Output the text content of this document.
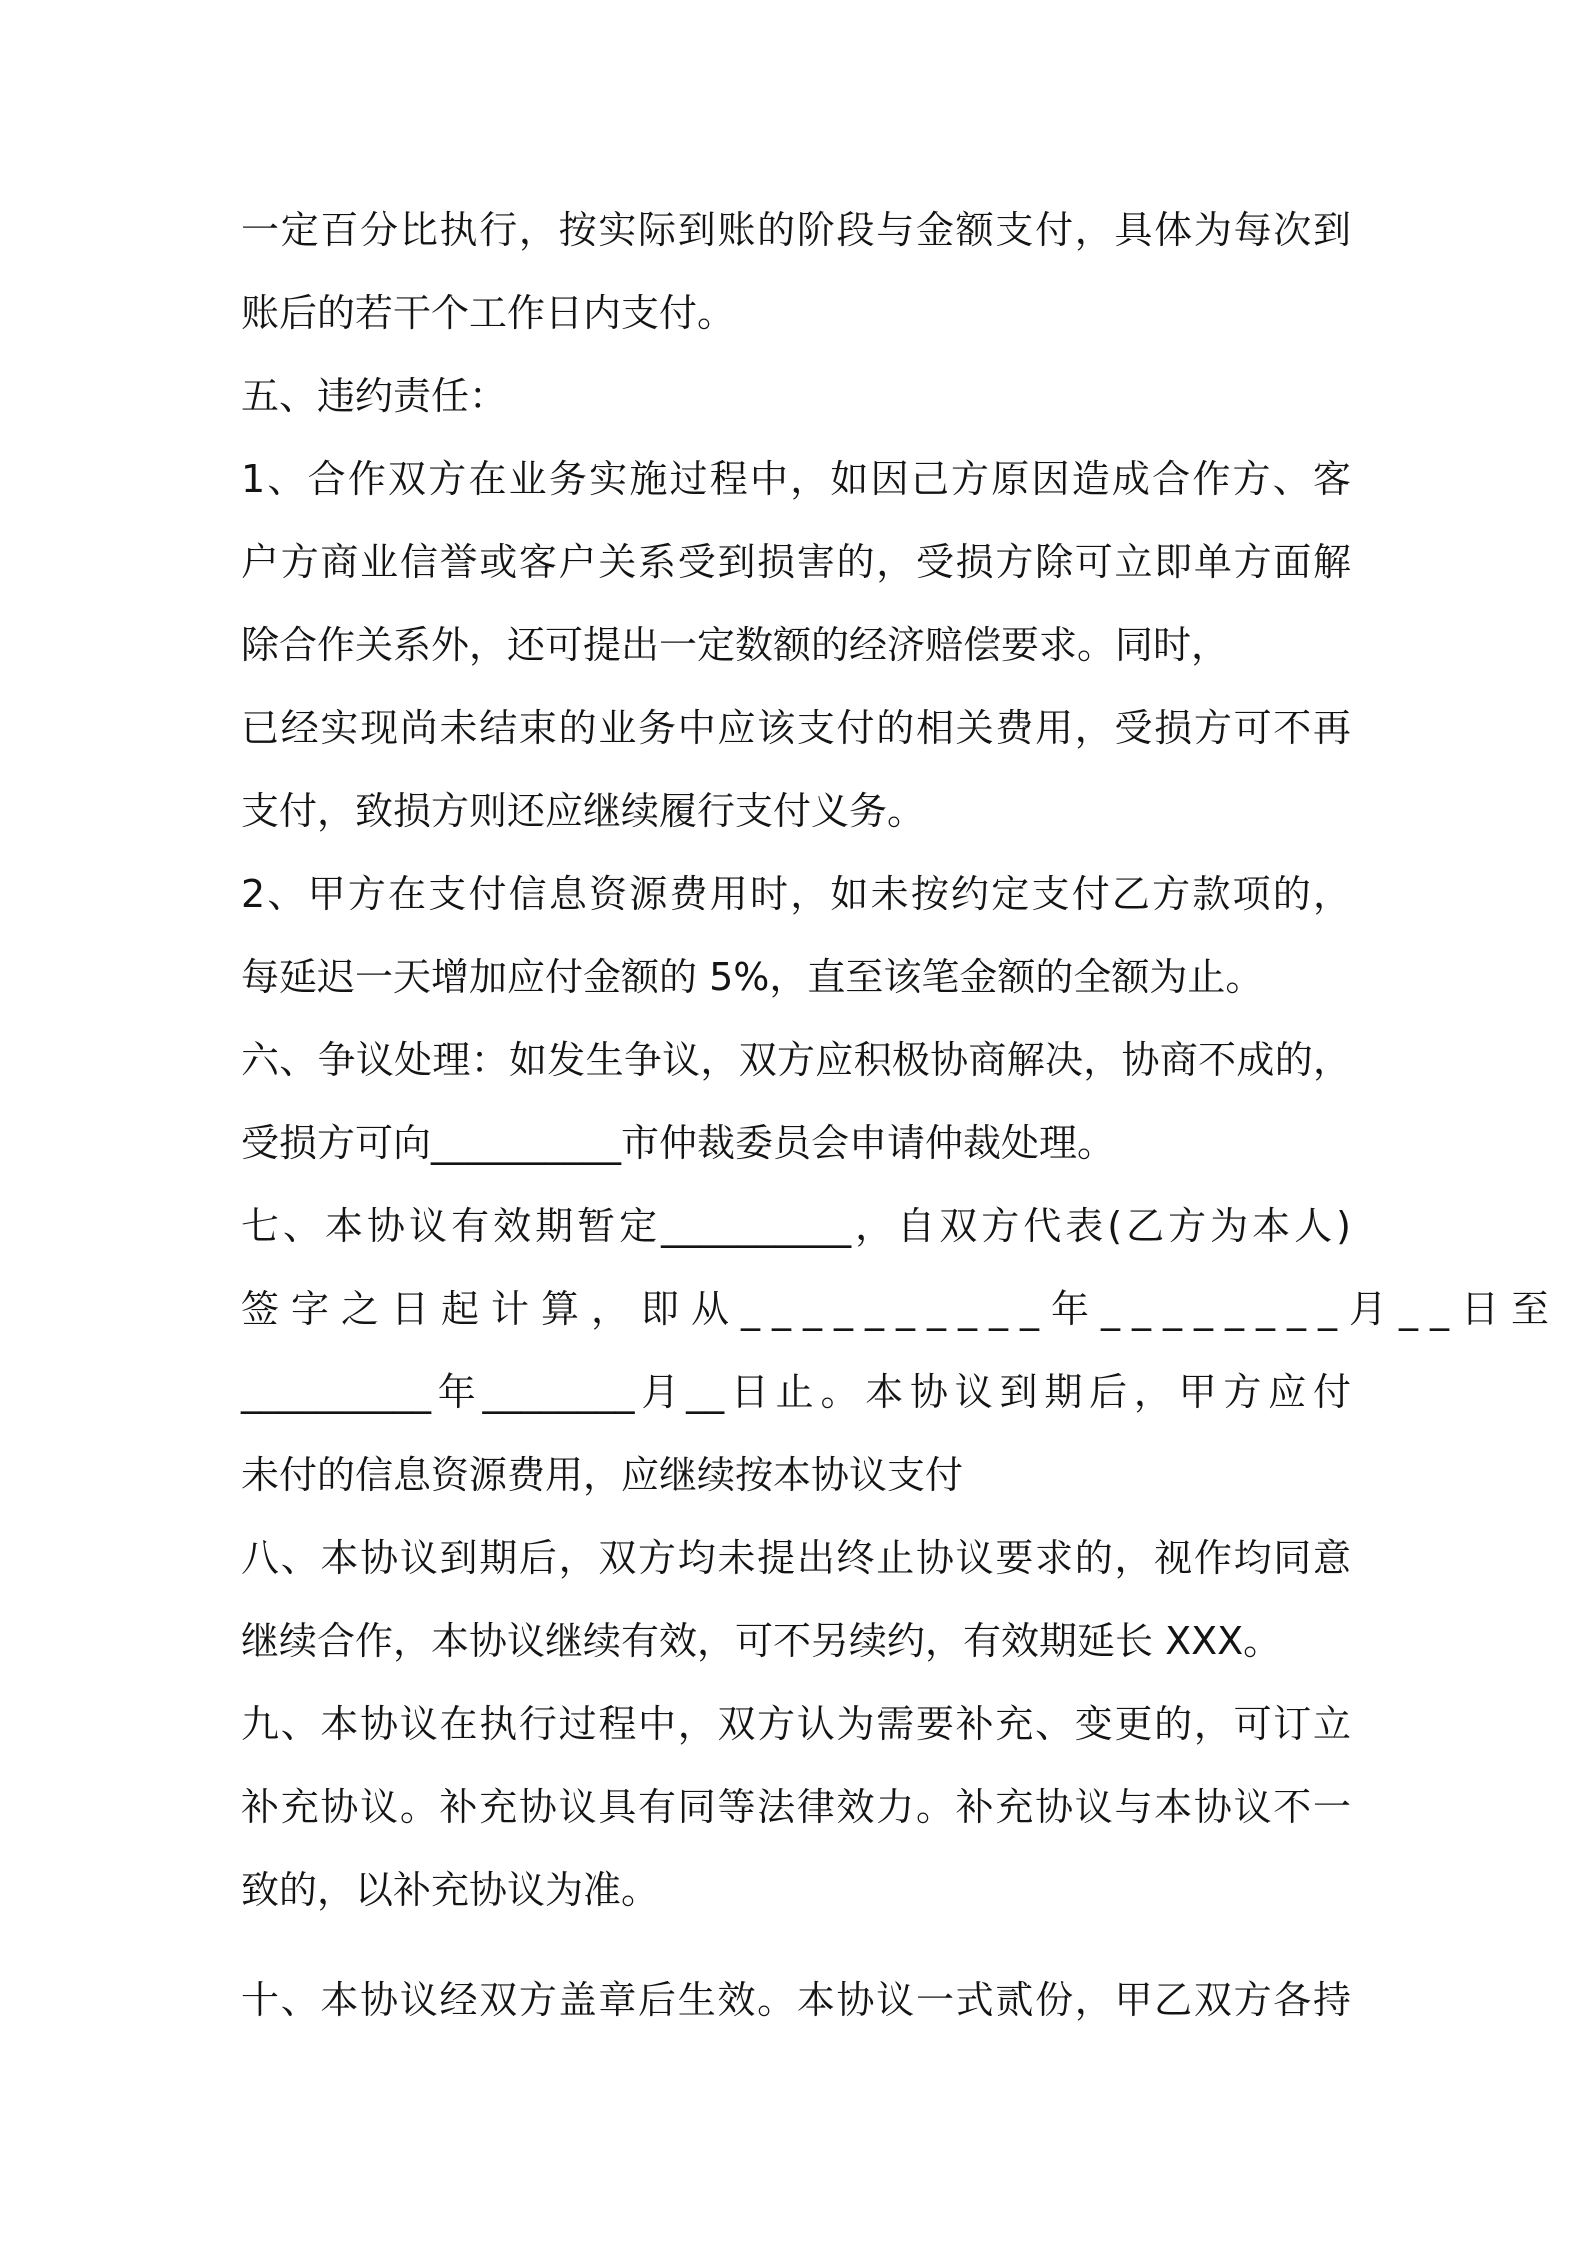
一定百分比执行，按实际到账的阶段与金额支付，具体为每次到
账后的若干个工作日内支付。
五、违约责任：
1、合作双方在业务实施过程中，如因己方原因造成合作方、客
户方商业信誉或客户关系受到损害的，受损方除可立即单方面解
除合作关系外，还可提出一定数额的经济赔偿要求。同时，
已经实现尚未结束的业务中应该支付的相关费用，受损方可不再
支付，致损方则还应继续履行支付义务。
2、甲方在支付信息资源费用时，如未按约定支付乙方款项的，
每延迟一天增加应付金额的 5%，直至该笔金额的全额为止。
六、争议处理：如发生争议，双方应积极协商解决，协商不成的，
受损方可向__________市仲裁委员会申请仲裁处理。
七、本协议有效期暂定__________，自双方代表(乙方为本人)
签字之日起计算，即从__________年________月__日至
__________年________月__日止。本协议到期后，甲方应付
未付的信息资源费用，应继续按本协议支付
八、本协议到期后，双方均未提出终止协议要求的，视作均同意
继续合作，本协议继续有效，可不另续约，有效期延长 XXX。
九、本协议在执行过程中，双方认为需要补充、变更的，可订立
补充协议。补充协议具有同等法律效力。补充协议与本协议不一
致的，以补充协议为准。
十、本协议经双方盖章后生效。本协议一式贰份，甲乙双方各持
